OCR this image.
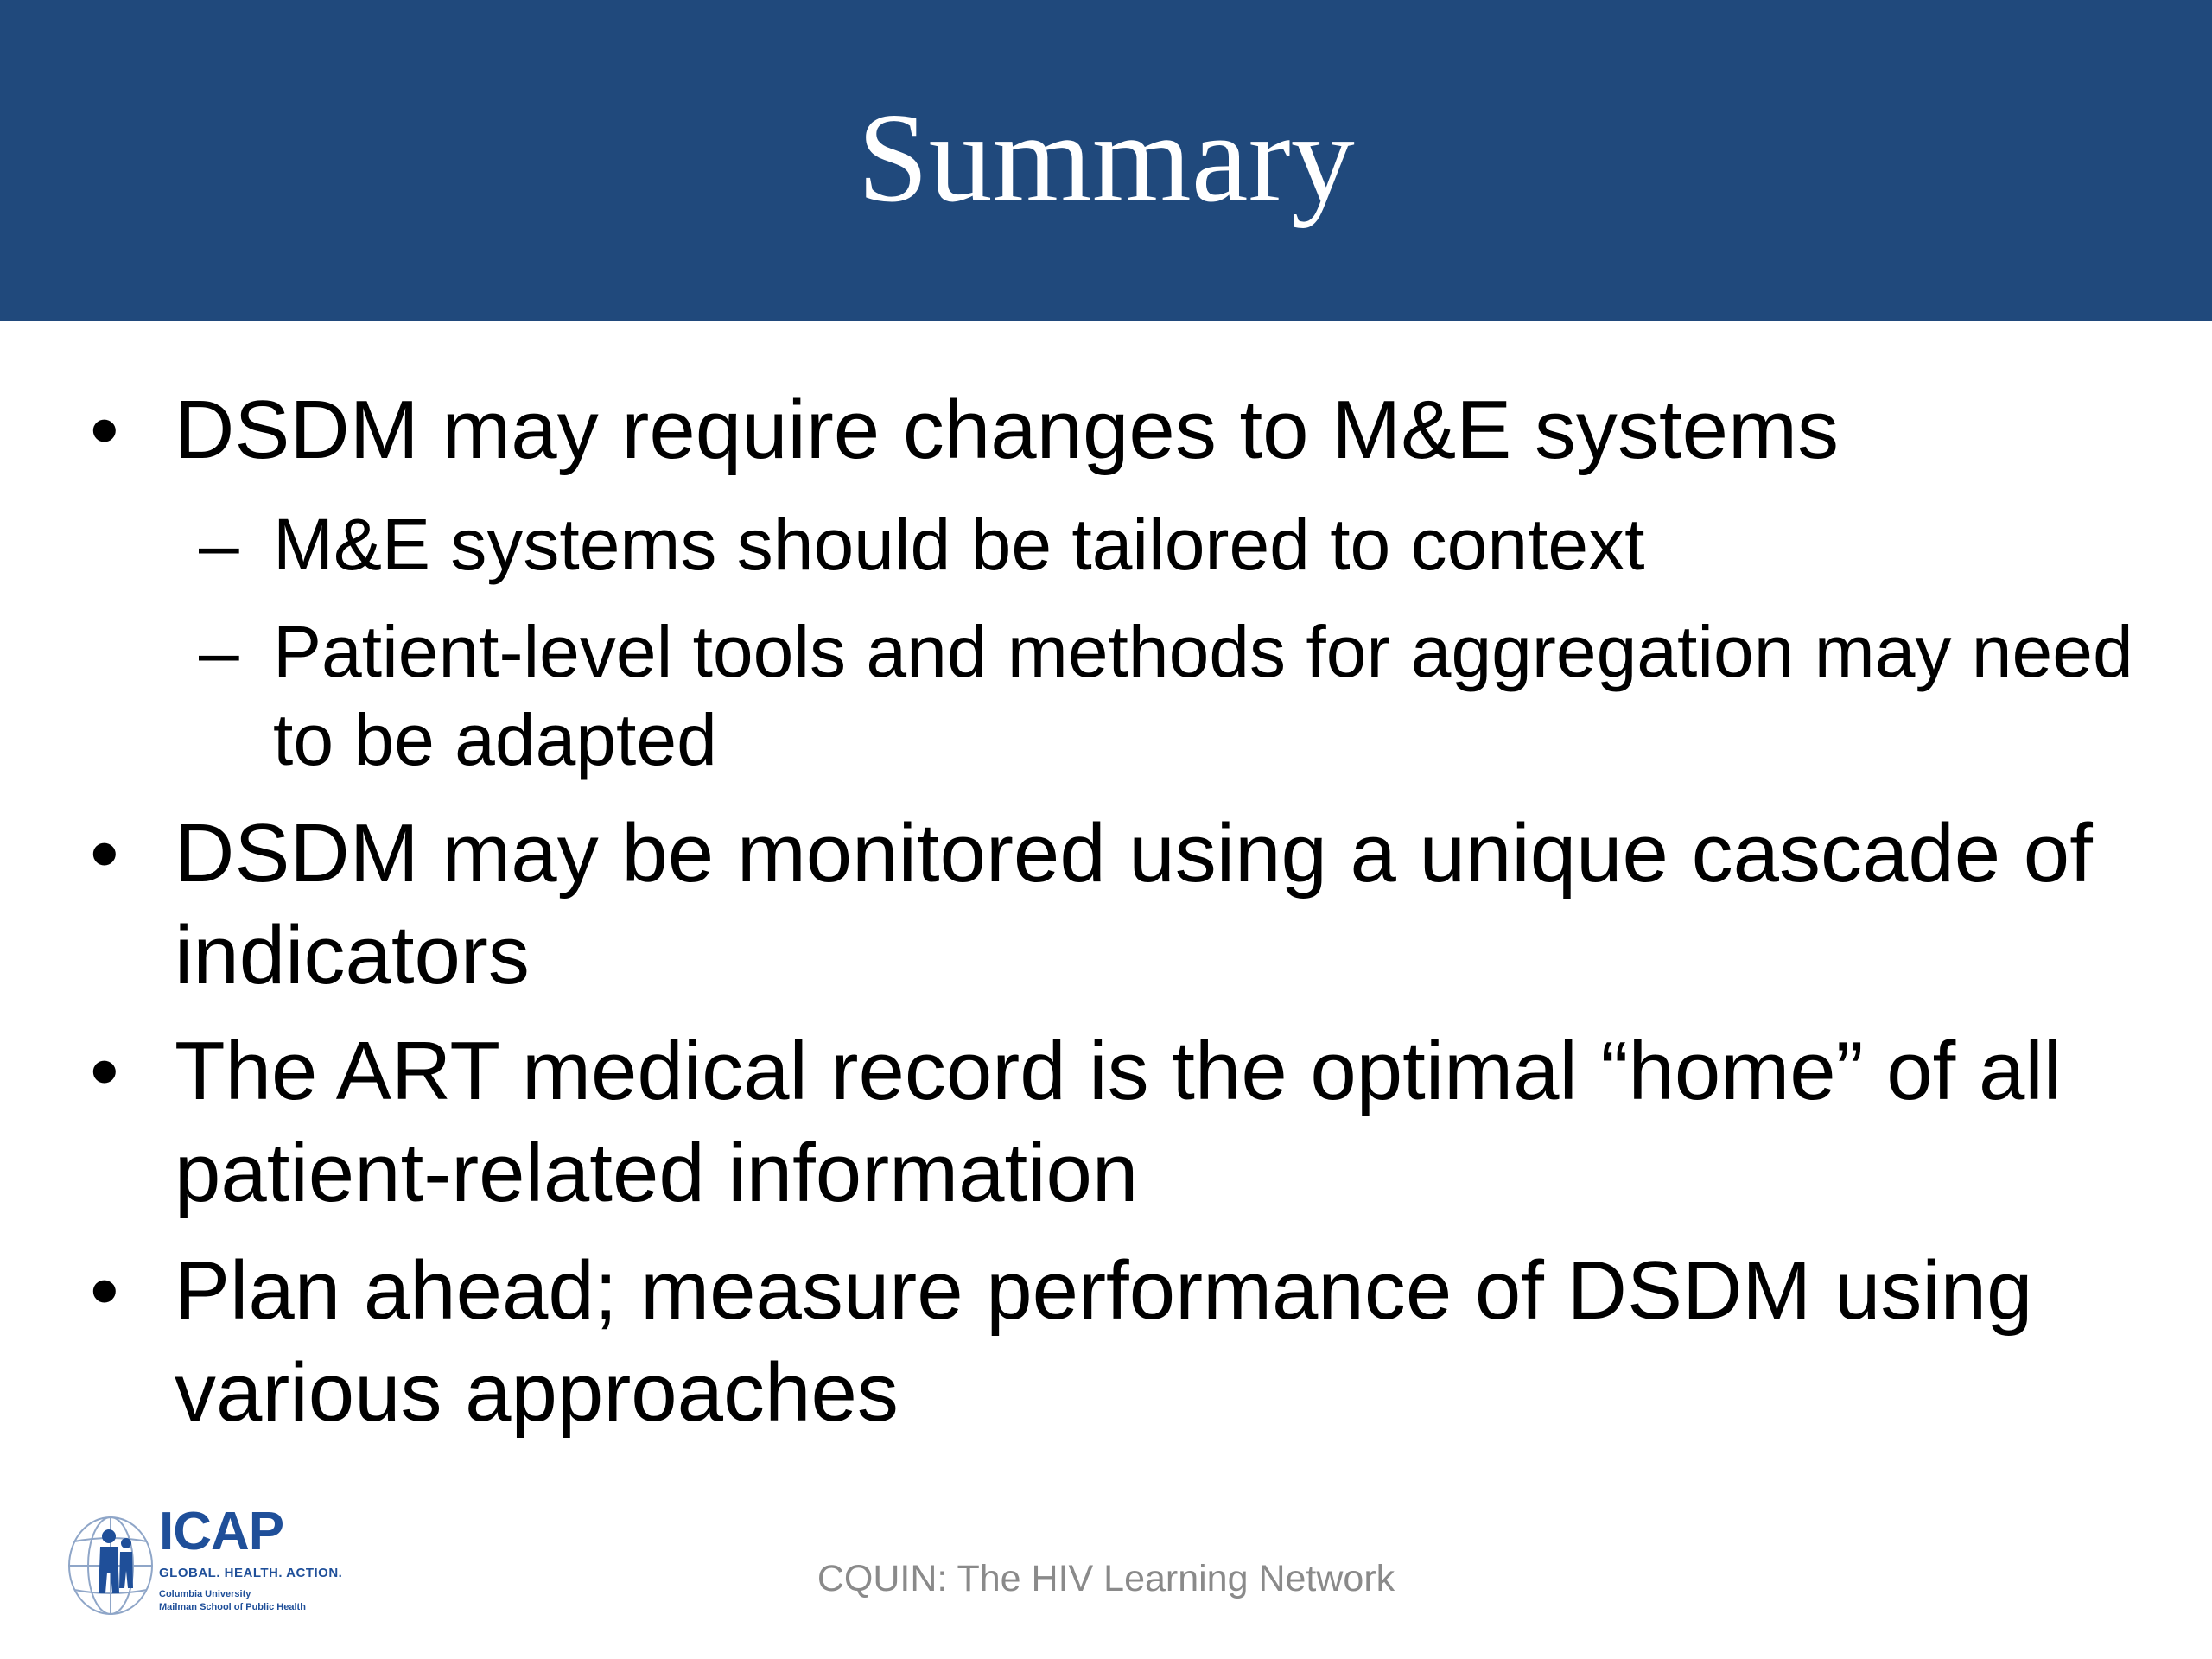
Summary
• DSDM may require changes to M&E systems
– M&E systems should be tailored to context
– Patient-level tools and methods for aggregation may need
to be adapted
• DSDM may be monitored using a unique cascade of
indicators
• The ART medical record is the optimal “home” of all
patient-related information
• Plan ahead; measure performance of DSDM using
various approaches
ICAP
GLOBAL. HEALTH. ACTION.
Columbia University
Mailman School of Public Health
CQUIN: The HIV Learning Network
